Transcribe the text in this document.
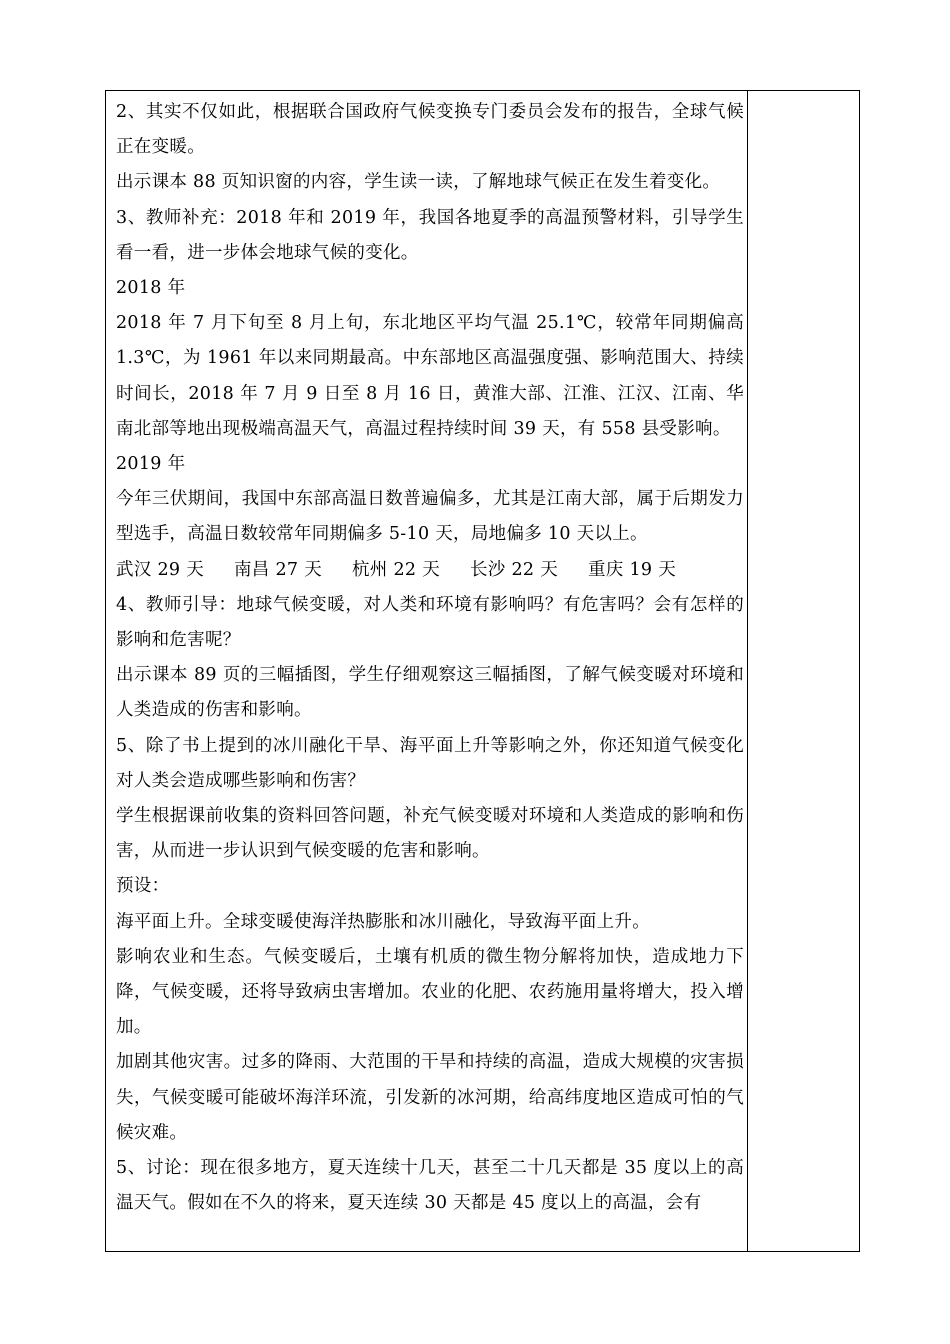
2、其实不仅如此，根据联合国政府气候变换专门委员会发布的报告，全球气候正在变暖。

出示课本 88 页知识窗的内容，学生读一读，了解地球气候正在发生着变化。

3、教师补充：2018 年和 2019 年，我国各地夏季的高温预警材料，引导学生看一看，进一步体会地球气候的变化。

2018 年

2018 年 7 月下旬至 8 月上旬，东北地区平均气温 25.1℃，较常年同期偏高 1.3℃，为 1961 年以来同期最高。中东部地区高温强度强、影响范围大、持续时间长，2018 年 7 月 9 日至 8 月 16 日，黄淮大部、江淮、江汉、江南、华南北部等地出现极端高温天气，高温过程持续时间 39 天，有 558 县受影响。

2019 年

今年三伏期间，我国中东部高温日数普遍偏多，尤其是江南大部，属于后期发力型选手，高温日数较常年同期偏多 5-10 天，局地偏多 10 天以上。

武汉 29 天 南昌 27 天 杭州 22 天 长沙 22 天 重庆 19 天

4、教师引导：地球气候变暖，对人类和环境有影响吗？有危害吗？会有怎样的影响和危害呢？

出示课本 89 页的三幅插图，学生仔细观察这三幅插图，了解气候变暖对环境和人类造成的伤害和影响。

5、除了书上提到的冰川融化干旱、海平面上升等影响之外，你还知道气候变化对人类会造成哪些影响和伤害？

学生根据课前收集的资料回答问题，补充气候变暖对环境和人类造成的影响和伤害，从而进一步认识到气候变暖的危害和影响。

预设：

海平面上升。全球变暖使海洋热膨胀和冰川融化，导致海平面上升。

影响农业和生态。气候变暖后，土壤有机质的微生物分解将加快，造成地力下降，气候变暖，还将导致病虫害增加。农业的化肥、农药施用量将增大，投入增加。

加剧其他灾害。过多的降雨、大范围的干旱和持续的高温，造成大规模的灾害损失，气候变暖可能破坏海洋环流，引发新的冰河期，给高纬度地区造成可怕的气候灾难。

5、讨论：现在很多地方，夏天连续十几天，甚至二十几天都是 35 度以上的高温天气。假如在不久的将来，夏天连续 30 天都是 45 度以上的高温，会有
